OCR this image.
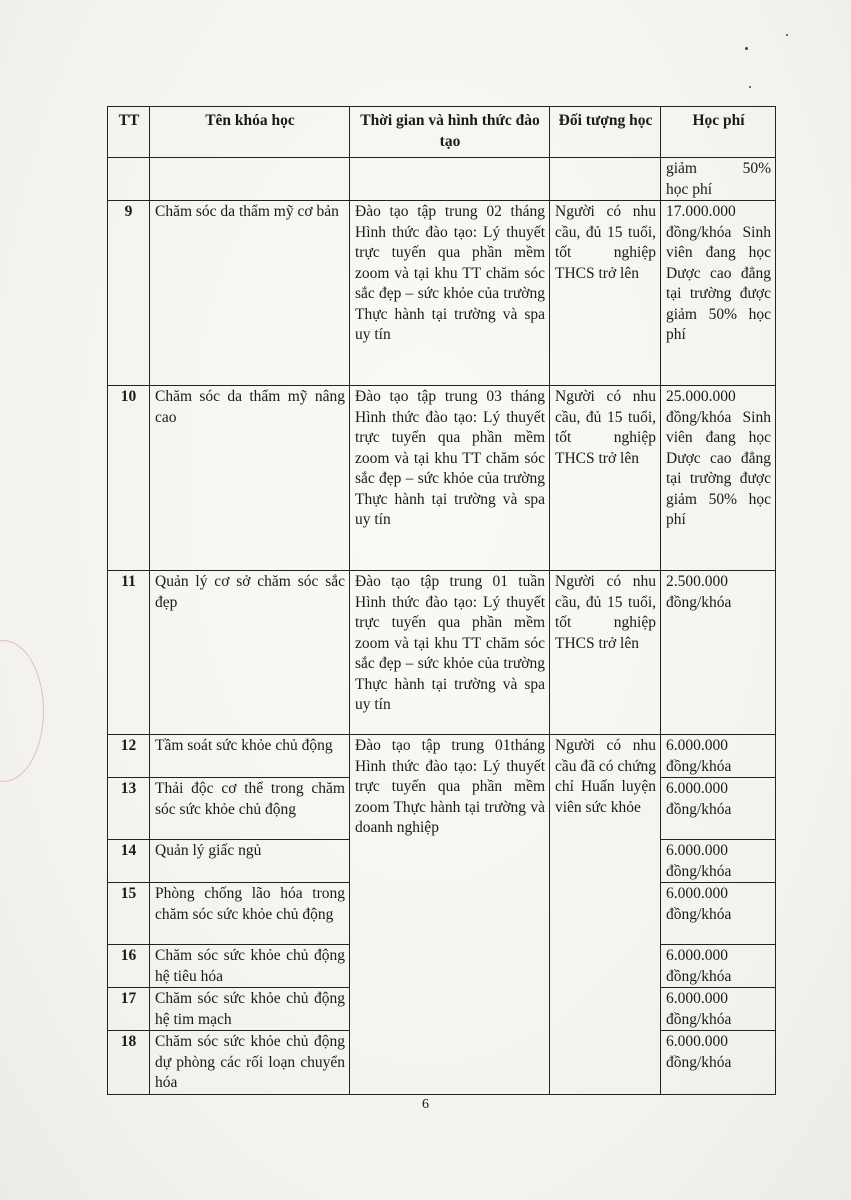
TT	Tên khóa học	Thời gian và hình thức đào tạo	Đối tượng học	Học phí

				giảm 50%
học phí

9	Chăm sóc da thẩm mỹ cơ bản	Đào tạo tập trung 02 tháng Hình thức đào tạo: Lý thuyết trực tuyến qua phần mềm zoom và tại khu TT chăm sóc sắc đẹp – sức khỏe của trường Thực hành tại trường và spa uy tín	Người có nhu cầu, đủ 15 tuổi, tốt nghiệp THCS trở lên	17.000.000 đồng/khóa Sinh viên đang học Dược cao đẳng tại trường được giảm 50% học phí
10	Chăm sóc da thẩm mỹ nâng cao	Đào tạo tập trung 03 tháng Hình thức đào tạo: Lý thuyết trực tuyến qua phần mềm zoom và tại khu TT chăm sóc sắc đẹp – sức khỏe của trường Thực hành tại trường và spa uy tín	Người có nhu cầu, đủ 15 tuổi, tốt nghiệp THCS trở lên	25.000.000 đồng/khóa Sinh viên đang học Dược cao đẳng tại trường được giảm 50% học phí
11	Quản lý cơ sở chăm sóc sắc đẹp	Đào tạo tập trung 01 tuần Hình thức đào tạo: Lý thuyết trực tuyến qua phần mềm zoom và tại khu TT chăm sóc sắc đẹp – sức khỏe của trường Thực hành tại trường và spa uy tín	Người có nhu cầu, đủ 15 tuổi, tốt nghiệp THCS trở lên	2.500.000 đồng/khóa
12	Tầm soát sức khỏe chủ động	Đào tạo tập trung 01tháng Hình thức đào tạo: Lý thuyết trực tuyến qua phần mềm zoom Thực hành tại trường và doanh nghiệp	Người có nhu cầu đã có chứng chỉ Huấn luyện viên sức khỏe	6.000.000 đồng/khóa
13	Thải độc cơ thể trong chăm sóc sức khỏe chủ động			6.000.000 đồng/khóa
14	Quản lý giấc ngủ			6.000.000 đồng/khóa
15	Phòng chống lão hóa trong chăm sóc sức khỏe chủ động			6.000.000 đồng/khóa
16	Chăm sóc sức khỏe chủ động hệ tiêu hóa			6.000.000 đồng/khóa
17	Chăm sóc sức khỏe chủ động hệ tim mạch			6.000.000 đồng/khóa
18	Chăm sóc sức khỏe chủ động dự phòng các rối loạn chuyển hóa			6.000.000 đồng/khóa
6
